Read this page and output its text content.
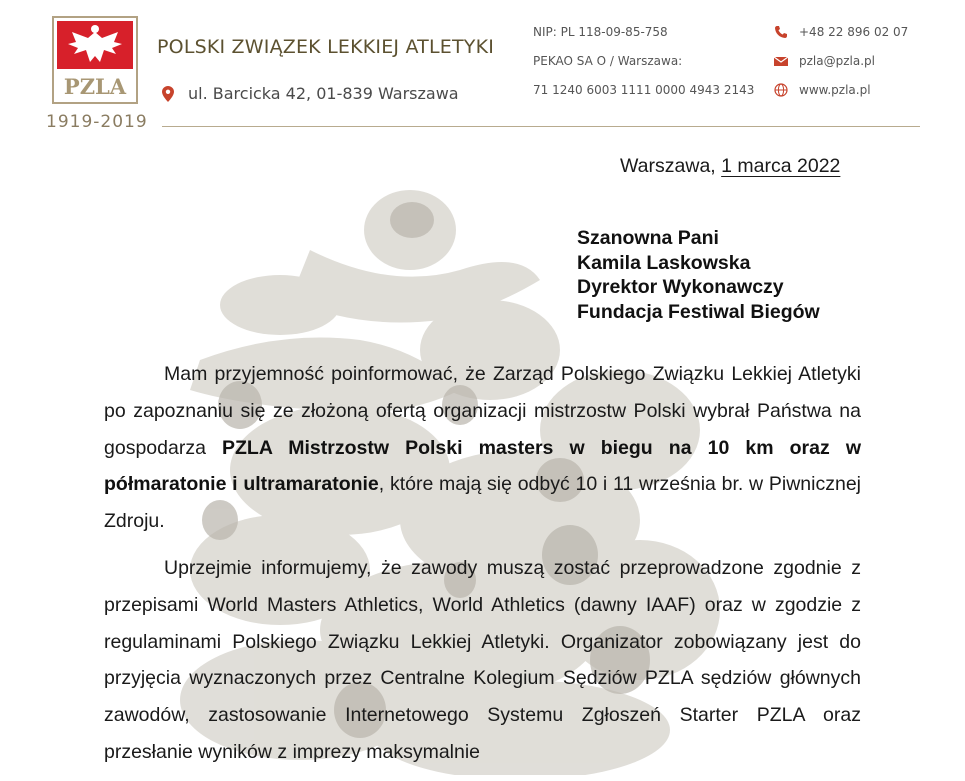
PZLA
1919-2019
POLSKI ZWIĄZEK LEKKIEJ ATLETYKI
ul. Barcicka 42, 01-839 Warszawa
NIP: PL 118-09-85-758
PEKAO SA O / Warszawa:
71 1240 6003 1111 0000 4943 2143
+48 22 896 02 07
pzla@pzla.pl
www.pzla.pl
Warszawa, 1 marca 2022
Szanowna Pani
Kamila Laskowska
Dyrektor Wykonawczy
Fundacja Festiwal Biegów

Mam przyjemność poinformować, że Zarząd Polskiego Związku Lekkiej Atletyki po zapoznaniu się ze złożoną ofertą organizacji mistrzostw Polski wybrał Państwa na gospodarza PZLA Mistrzostw Polski masters w biegu na 10 km oraz w półmaratonie i ultramaratonie, które mają się odbyć 10 i 11 września br. w Piwnicznej Zdroju.

Uprzejmie informujemy, że zawody muszą zostać przeprowadzone zgodnie z przepisami World Masters Athletics, World Athletics (dawny IAAF) oraz w zgodzie z regulaminami Polskiego Związku Lekkiej Atletyki. Organizator zobowiązany jest do przyjęcia wyznaczonych przez Centralne Kolegium Sędziów PZLA sędziów głównych zawodów, zastosowanie Internetowego Systemu Zgłoszeń Starter PZLA oraz przesłanie wyników z imprezy maksymalnie
